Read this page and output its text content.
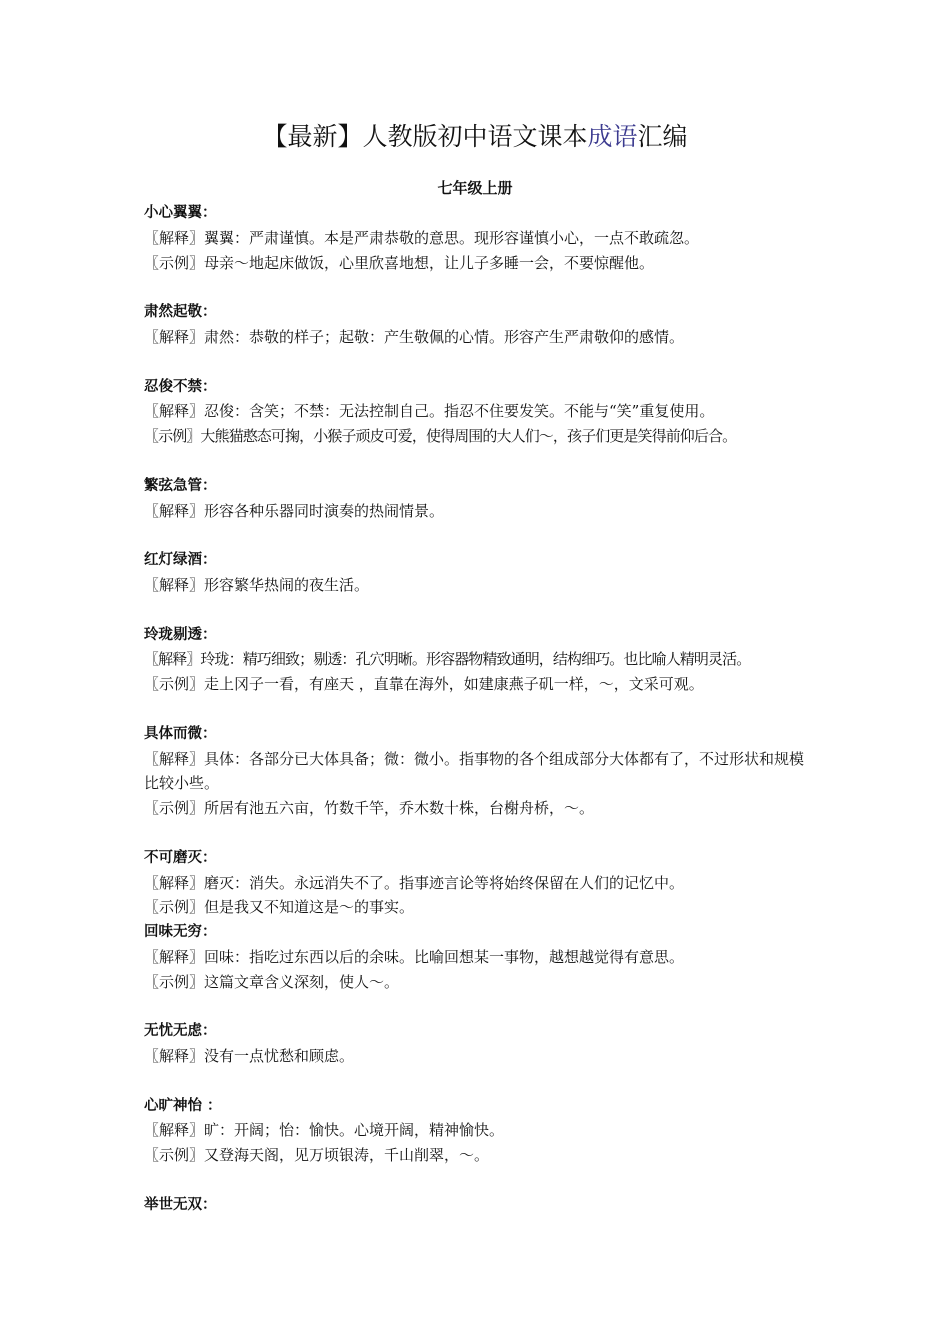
【最新】人教版初中语文课本成语汇编
七年级上册
小心翼翼：
〖解释〗翼翼：严肃谨慎。本是严肃恭敬的意思。现形容谨慎小心，一点不敢疏忽。
〖示例〗母亲～地起床做饭，心里欣喜地想，让儿子多睡一会，不要惊醒他。
肃然起敬：
〖解释〗肃然：恭敬的样子；起敬：产生敬佩的心情。形容产生严肃敬仰的感情。
忍俊不禁：
〖解释〗忍俊：含笑；不禁：无法控制自己。指忍不住要发笑。不能与“笑”重复使用。
〖示例〗大熊猫憨态可掬，小猴子顽皮可爱，使得周围的大人们～，孩子们更是笑得前仰后合。
繁弦急管：
〖解释〗形容各种乐器同时演奏的热闹情景。
红灯绿酒：
〖解释〗形容繁华热闹的夜生活。
玲珑剔透：
〖解释〗玲珑：精巧细致；剔透：孔穴明晰。形容器物精致通明，结构细巧。也比喻人精明灵活。
〖示例〗走上冈子一看，有座天 ，直靠在海外，如建康燕子矶一样，～，文采可观。
具体而微：
〖解释〗具体：各部分已大体具备；微：微小。指事物的各个组成部分大体都有了，不过形状和规模比较小些。
〖示例〗所居有池五六亩，竹数千竿，乔木数十株，台榭舟桥，～。
不可磨灭：
〖解释〗磨灭：消失。永远消失不了。指事迹言论等将始终保留在人们的记忆中。
〖示例〗但是我又不知道这是～的事实。
回味无穷：
〖解释〗回味：指吃过东西以后的余味。比喻回想某一事物，越想越觉得有意思。
〖示例〗这篇文章含义深刻，使人～。
无忧无虑：
〖解释〗没有一点忧愁和顾虑。
心旷神怡 ：
〖解释〗旷：开阔；怡：愉快。心境开阔，精神愉快。
〖示例〗又登海天阁，见万顷银涛，千山削翠，～。
举世无双：
